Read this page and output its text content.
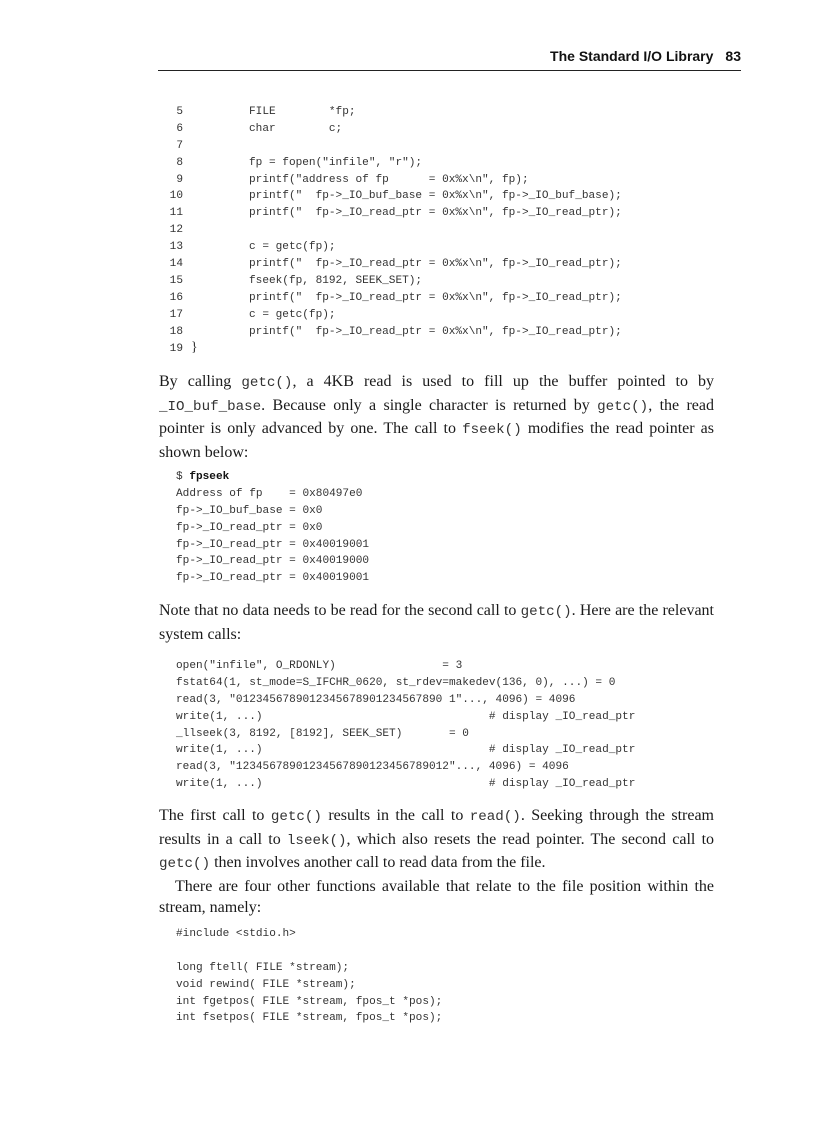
The Standard I/O Library 83
5	FILE        *fp;
6	char        c;
7
8	fp = fopen("infile", "r");
9	printf("address of fp      = 0x%x\n", fp);
10	printf("  fp->_IO_buf_base = 0x%x\n", fp->_IO_buf_base);
11	printf("  fp->_IO_read_ptr = 0x%x\n", fp->_IO_read_ptr);
12
13	c = getc(fp);
14	printf("  fp->_IO_read_ptr = 0x%x\n", fp->_IO_read_ptr);
15	fseek(fp, 8192, SEEK_SET);
16	printf("  fp->_IO_read_ptr = 0x%x\n", fp->_IO_read_ptr);
17	c = getc(fp);
18	printf("  fp->_IO_read_ptr = 0x%x\n", fp->_IO_read_ptr);
19 }

By calling getc(), a 4KB read is used to fill up the buffer pointed to by _IO_buf_base. Because only a single character is returned by getc(), the read pointer is only advanced by one. The call to fseek() modifies the read pointer as shown below:

$ fpseek
Address of fp    = 0x80497e0
fp->_IO_buf_base = 0x0
fp->_IO_read_ptr = 0x0
fp->_IO_read_ptr = 0x40019001
fp->_IO_read_ptr = 0x40019000
fp->_IO_read_ptr = 0x40019001

Note that no data needs to be read for the second call to getc(). Here are the relevant system calls:

open("infile", O_RDONLY)                = 3
fstat64(1, st_mode=S_IFCHR_0620, st_rdev=makedev(136, 0), ...) = 0
read(3, "0123456789012345678901234567890 1"..., 4096) = 4096
write(1, ...)                                  # display _IO_read_ptr
_llseek(3, 8192, [8192], SEEK_SET)       = 0
write(1, ...)                                  # display _IO_read_ptr
read(3, "12345678901234567890123456789012"..., 4096) = 4096
write(1, ...)                                  # display _IO_read_ptr

The first call to getc() results in the call to read(). Seeking through the stream results in a call to lseek(), which also resets the read pointer. The second call to getc() then involves another call to read data from the file.

There are four other functions available that relate to the file position within the stream, namely:

#include <stdio.h>
long ftell( FILE *stream);
void rewind( FILE *stream);
int fgetpos( FILE *stream, fpos_t *pos);
int fsetpos( FILE *stream, fpos_t *pos);
